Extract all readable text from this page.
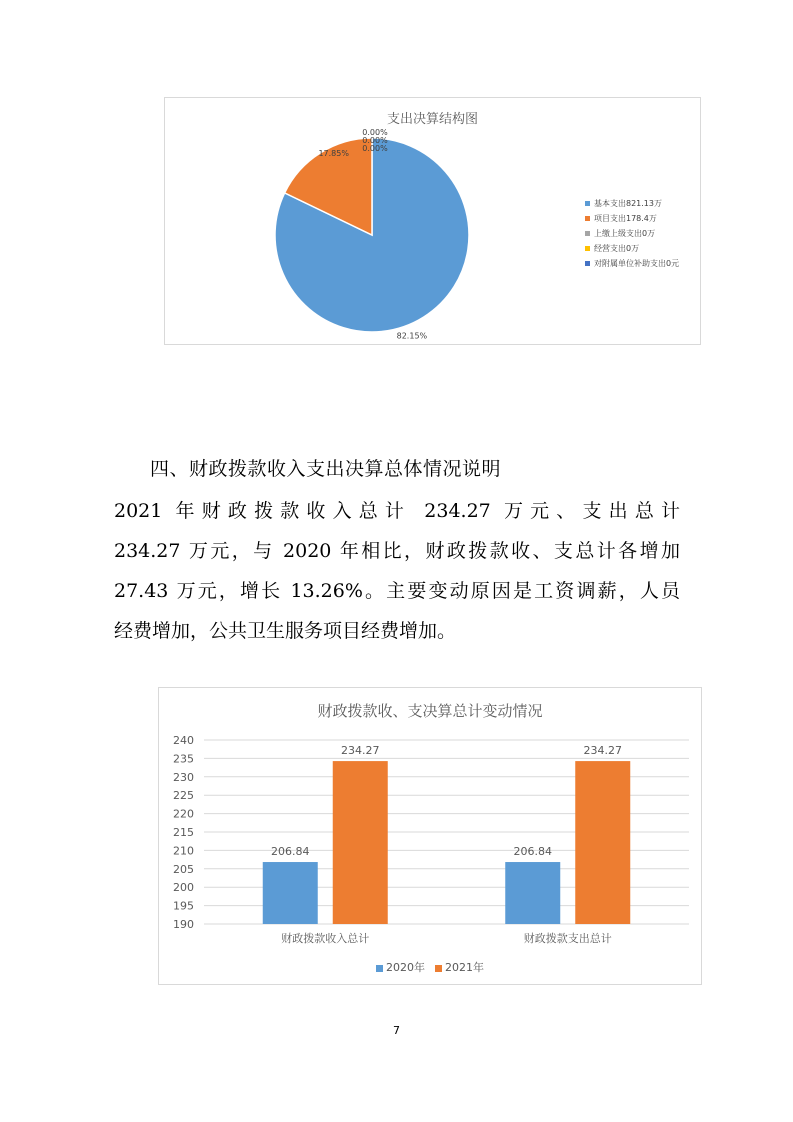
支出决算结构图
82.15%
17.85%
0.00%
0.00%
0.00%
基本支出821.13万
项目支出178.4万
上缴上级支出0万
经营支出0万
对附属单位补助支出0元
四、财政拨款收入支出决算总体情况说明
2021 年财政拨款收入总计 234.27 万元、支出总计
234.27 万元，与 2020 年相比，财政拨款收、支总计各增加
27.43 万元，增长 13.26%。主要变动原因是工资调薪，人员
经费增加，公共卫生服务项目经费增加。
财政拨款收、支决算总计变动情况
190
195
200
205
210
215
220
225
230
235
240
206.84
234.27
财政拨款收入总计
206.84
234.27
财政拨款支出总计
2020年	2021年
7
